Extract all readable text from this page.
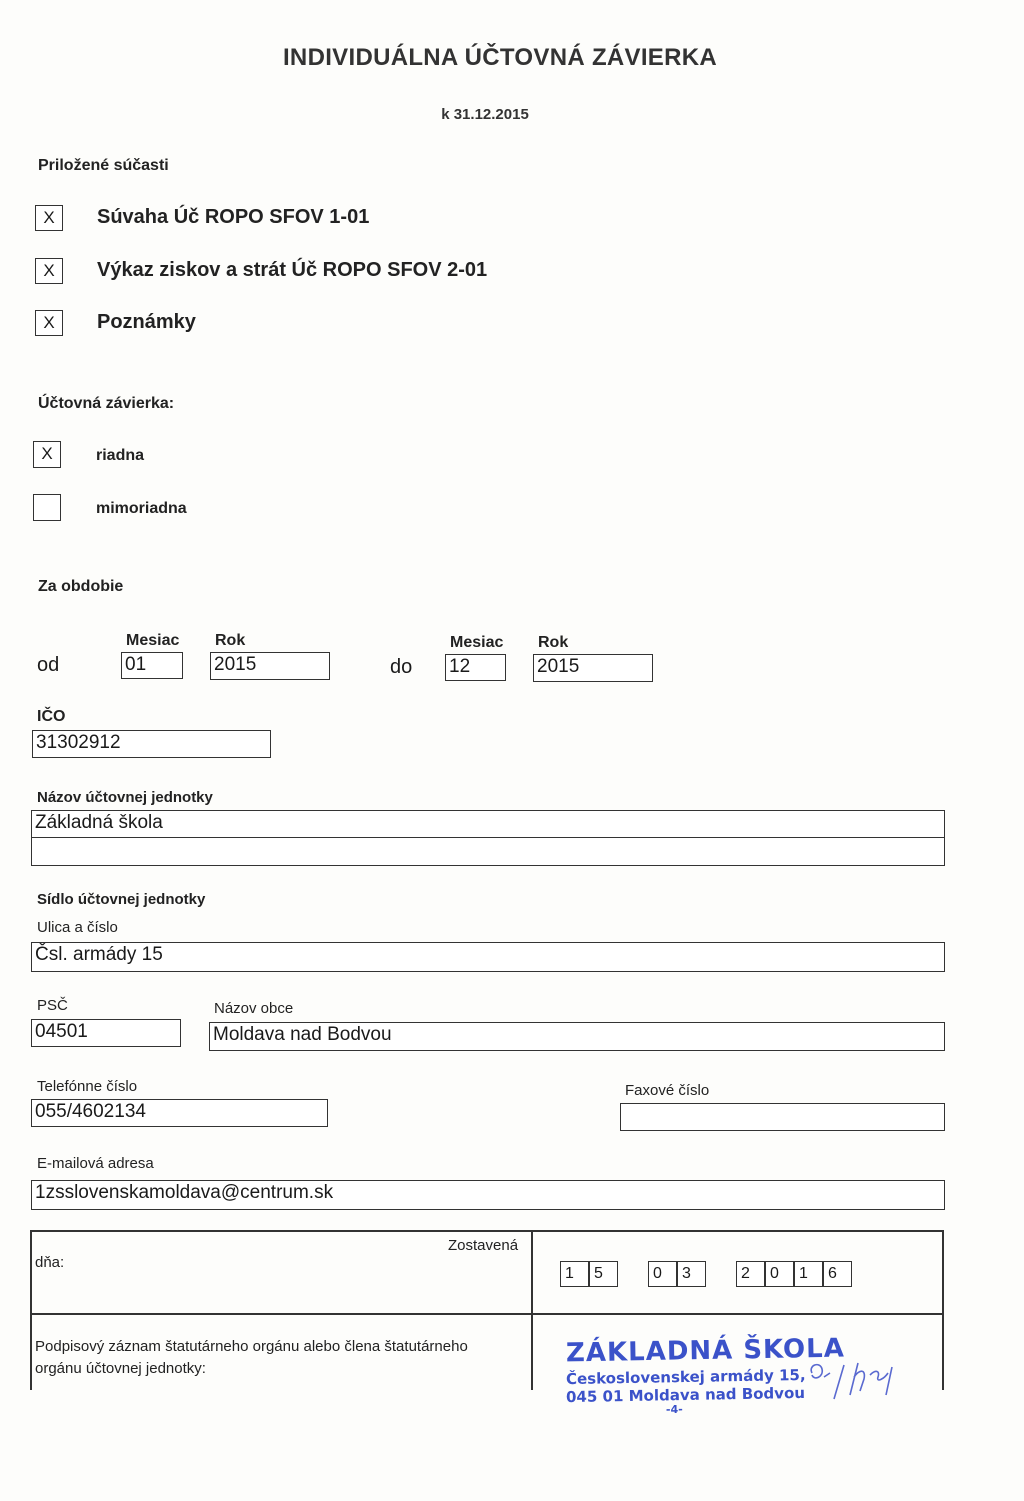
INDIVIDUÁLNA ÚČTOVNÁ ZÁVIERKA
k 31.12.2015
Priložené súčasti
X	Súvaha Úč ROPO SFOV 1-01
X	Výkaz ziskov a strát Úč ROPO SFOV 2-01
X	Poznámky
Účtovná závierka:
X	riadna
mimoriadna
Za obdobie
Mesiac Rok	Mesiac Rok
od	01	2015	do 12	2015
IČO
31302912
Názov účtovnej jednotky
Základná škola
Sídlo účtovnej jednotky
Ulica a číslo
Čsl. armády 15
PSČ
04501
Názov obce
Moldava nad Bodvou
Telefónne číslo
055/4602134
Faxové číslo
E-mailová adresa
1zsslovenskamoldava@centrum.sk
Zostavená
dňa:
1	5	0	3	2	0	1	6
Podpisový záznam štatutárneho orgánu alebo člena štatutárneho orgánu účtovnej jednotky:
ZÁKLADNÁ ŠKOLA
Československej armády 15,
045 01 Moldava nad Bodvou
-4-
